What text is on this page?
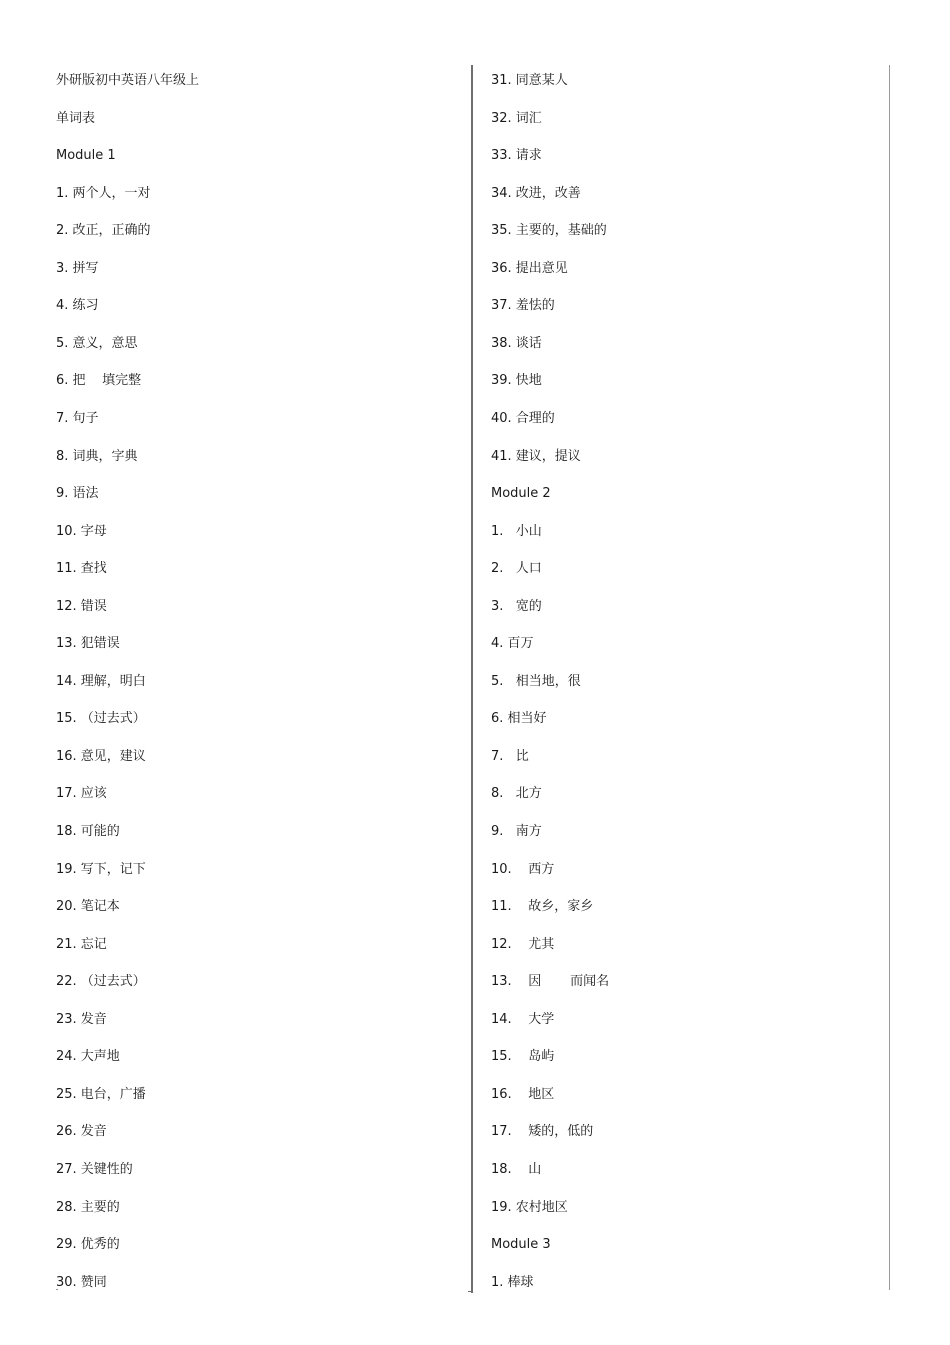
外研版初中英语八年级上
单词表
Module 1
1. 两个人，一对
2. 改正，正确的
3. 拼写
4. 练习
5. 意义，意思
6. 把    填完整
7. 句子
8. 词典，字典
9. 语法
10. 字母
11. 查找
12. 错误
13. 犯错误
14. 理解，明白
15. （过去式）
16. 意见，建议
17. 应该
18. 可能的
19. 写下，记下
20. 笔记本
21. 忘记
22. （过去式）
23. 发音
24. 大声地
25. 电台，广播
26. 发音
27. 关键性的
28. 主要的
29. 优秀的
30. 赞同
31. 同意某人
32. 词汇
33. 请求
34. 改进，改善
35. 主要的，基础的
36. 提出意见
37. 羞怯的
38. 谈话
39. 快地
40. 合理的
41. 建议，提议
Module 2
1.   小山
2.   人口
3.   宽的
4. 百万
5.   相当地，很
6. 相当好
7.   比
8.   北方
9.   南方
10.    西方
11.    故乡，家乡
12.    尤其
13.    因       而闻名
14.    大学
15.    岛屿
16.    地区
17.    矮的，低的
18.    山
19. 农村地区
Module 3
1. 棒球
